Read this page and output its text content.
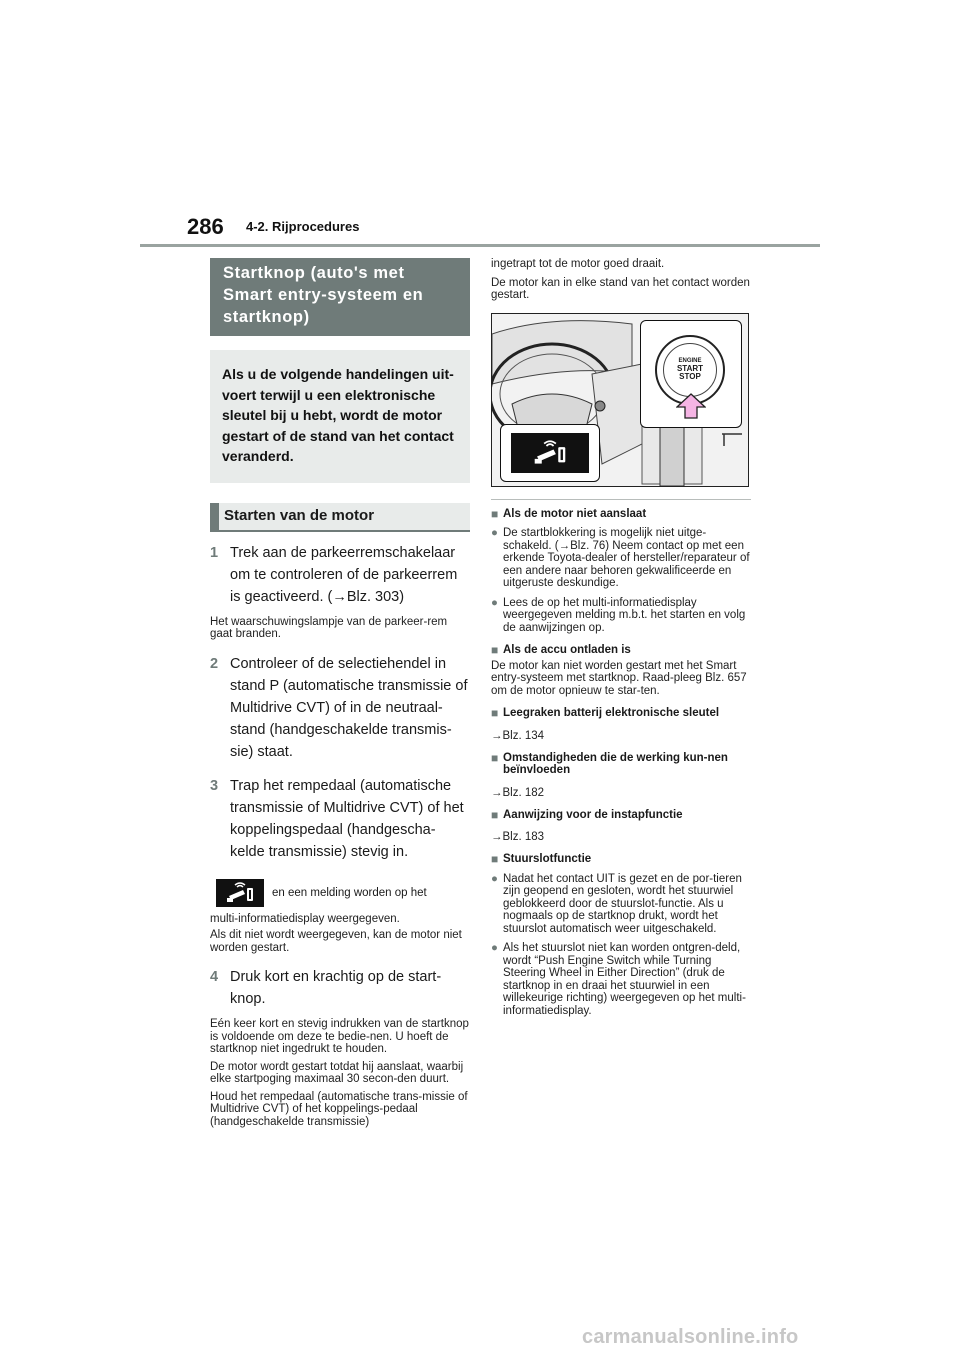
286 4-2. Rijprocedures
Startknop (auto's met
Smart entry-systeem en
startknop)
Als u de volgende handelingen uit-voert terwijl u een elektronische sleutel bij u hebt, wordt de motor gestart of de stand van het contact veranderd.
Starten van de motor
1 Trek aan de parkeerremschakelaar om te controleren of de parkeerrem is geactiveerd. (→Blz. 303)
Het waarschuwingslampje van de parkeer-rem gaat branden.
2 Controleer of de selectiehendel in stand P (automatische transmissie of Multidrive CVT) of in de neutraal-stand (handgeschakelde transmis-sie) staat.
3 Trap het rempedaal (automatische transmissie of Multidrive CVT) of het koppelingspedaal (handgescha-kelde transmissie) stevig in.
en een melding worden op het
multi-informatiedisplay weergegeven.
Als dit niet wordt weergegeven, kan de motor niet worden gestart.
4 Druk kort en krachtig op de start-knop.
Eén keer kort en stevig indrukken van de startknop is voldoende om deze te bedie-nen. U hoeft de startknop niet ingedrukt te houden.
De motor wordt gestart totdat hij aanslaat, waarbij elke startpoging maximaal 30 secon-den duurt.
Houd het rempedaal (automatische trans-missie of Multidrive CVT) of het koppelings-pedaal (handgeschakelde transmissie)
ingetrapt tot de motor goed draait.
De motor kan in elke stand van het contact worden gestart.
ENGINE
START
STOP
■ Als de motor niet aanslaat
● De startblokkering is mogelijk niet uitge-schakeld. (→Blz. 76) Neem contact op met een erkende Toyota-dealer of hersteller/reparateur of een andere naar behoren gekwalificeerde en uitgeruste deskundige.
● Lees de op het multi-informatiedisplay weergegeven melding m.b.t. het starten en volg de aanwijzingen op.
■ Als de accu ontladen is
De motor kan niet worden gestart met het Smart entry-systeem met startknop. Raad-pleeg Blz. 657 om de motor opnieuw te star-ten.
■ Leegraken batterij elektronische sleutel
→Blz. 134
■ Omstandigheden die de werking kun-nen beïnvloeden
→Blz. 182
■ Aanwijzing voor de instapfunctie
→Blz. 183
■ Stuurslotfunctie
● Nadat het contact UIT is gezet en de por-tieren zijn geopend en gesloten, wordt het stuurwiel geblokkeerd door de stuurslot-functie. Als u nogmaals op de startknop drukt, wordt het stuurslot automatisch weer uitgeschakeld.
● Als het stuurslot niet kan worden ontgren-deld, wordt “Push Engine Switch while Turning Steering Wheel in Either Direction” (druk de startknop in en draai het stuurwiel in een willekeurige richting) weergegeven op het multi-informatiedisplay.
carmanualsonline.info
